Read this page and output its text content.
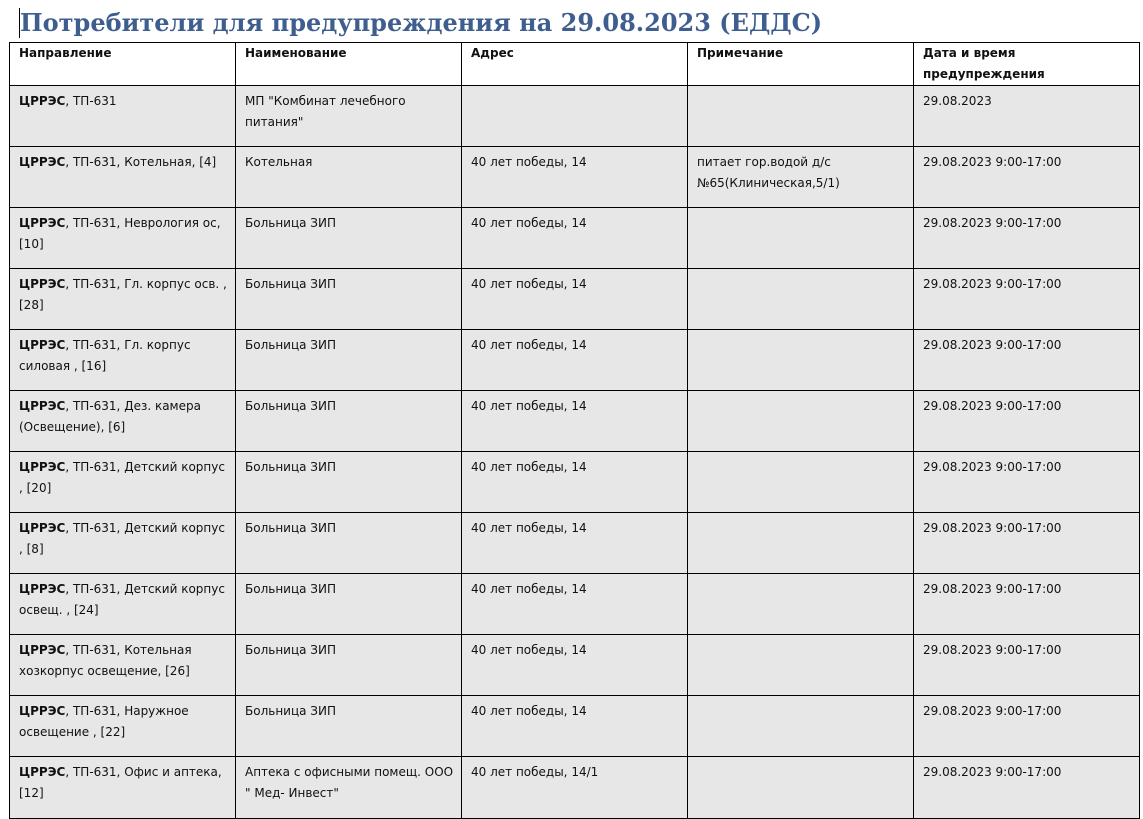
Потребители для предупреждения на 29.08.2023 (ЕДДС)
Направление	Наименование	Адрес	Примечание	Дата и время предупреждения
ЦРРЭС, ТП-631	МП "Комбинат лечебного питания"			29.08.2023
ЦРРЭС, ТП-631, Котельная, [4]	Котельная	40 лет победы, 14	питает гор.водой д/с №65(Клиническая,5/1)	29.08.2023 9:00-17:00
ЦРРЭС, ТП-631, Неврология ос, [10]	Больница ЗИП	40 лет победы, 14		29.08.2023 9:00-17:00
ЦРРЭС, ТП-631, Гл. корпус осв. , [28]	Больница ЗИП	40 лет победы, 14		29.08.2023 9:00-17:00
ЦРРЭС, ТП-631, Гл. корпус силовая , [16]	Больница ЗИП	40 лет победы, 14		29.08.2023 9:00-17:00
ЦРРЭС, ТП-631, Дез. камера (Освещение), [6]	Больница ЗИП	40 лет победы, 14		29.08.2023 9:00-17:00
ЦРРЭС, ТП-631, Детский корпус , [20]	Больница ЗИП	40 лет победы, 14		29.08.2023 9:00-17:00
ЦРРЭС, ТП-631, Детский корпус , [8]	Больница ЗИП	40 лет победы, 14		29.08.2023 9:00-17:00
ЦРРЭС, ТП-631, Детский корпус освещ. , [24]	Больница ЗИП	40 лет победы, 14		29.08.2023 9:00-17:00
ЦРРЭС, ТП-631, Котельная хозкорпус освещение, [26]	Больница ЗИП	40 лет победы, 14		29.08.2023 9:00-17:00
ЦРРЭС, ТП-631, Наружное освещение , [22]	Больница ЗИП	40 лет победы, 14		29.08.2023 9:00-17:00
ЦРРЭС, ТП-631, Офис и аптека, [12]	Аптека с офисными помещ. ООО " Мед- Инвест"	40 лет победы, 14/1		29.08.2023 9:00-17:00
